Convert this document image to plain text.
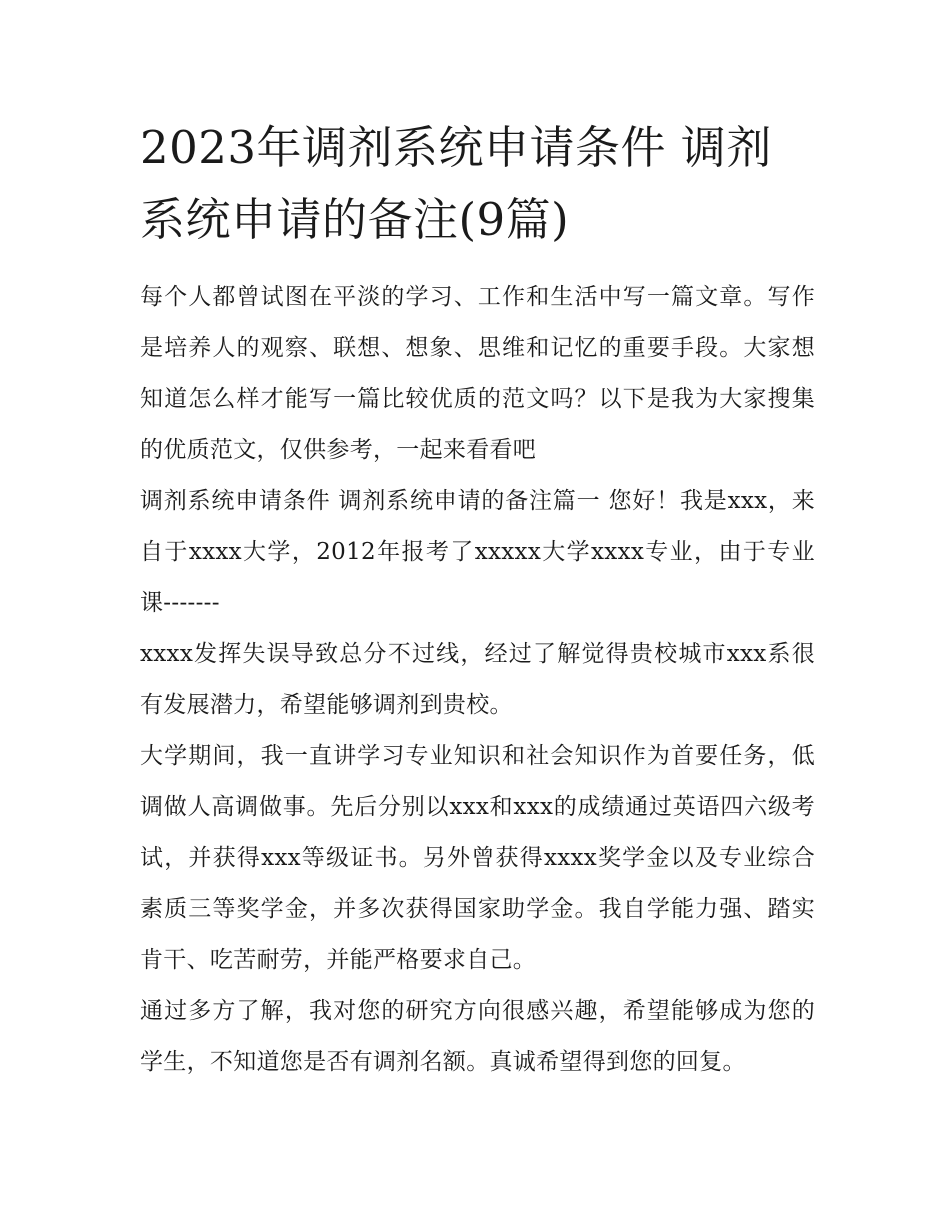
2023年调剂系统申请条件 调剂系统申请的备注(9篇)

每个人都曾试图在平淡的学习、工作和生活中写一篇文章。写作是培养人的观察、联想、想象、思维和记忆的重要手段。大家想知道怎么样才能写一篇比较优质的范文吗？以下是我为大家搜集的优质范文，仅供参考，一起来看看吧

调剂系统申请条件 调剂系统申请的备注篇一 您好！我是xxx，来自于xxxx大学，2012年报考了xxxxx大学xxxx专业，由于专业课-------

xxxx发挥失误导致总分不过线，经过了解觉得贵校城市xxx系很有发展潜力，希望能够调剂到贵校。

大学期间，我一直讲学习专业知识和社会知识作为首要任务，低调做人高调做事。先后分别以xxx和xxx的成绩通过英语四六级考试，并获得xxx等级证书。另外曾获得xxxx奖学金以及专业综合素质三等奖学金，并多次获得国家助学金。我自学能力强、踏实肯干、吃苦耐劳，并能严格要求自己。

通过多方了解，我对您的研究方向很感兴趣，希望能够成为您的学生，不知道您是否有调剂名额。真诚希望得到您的回复。
